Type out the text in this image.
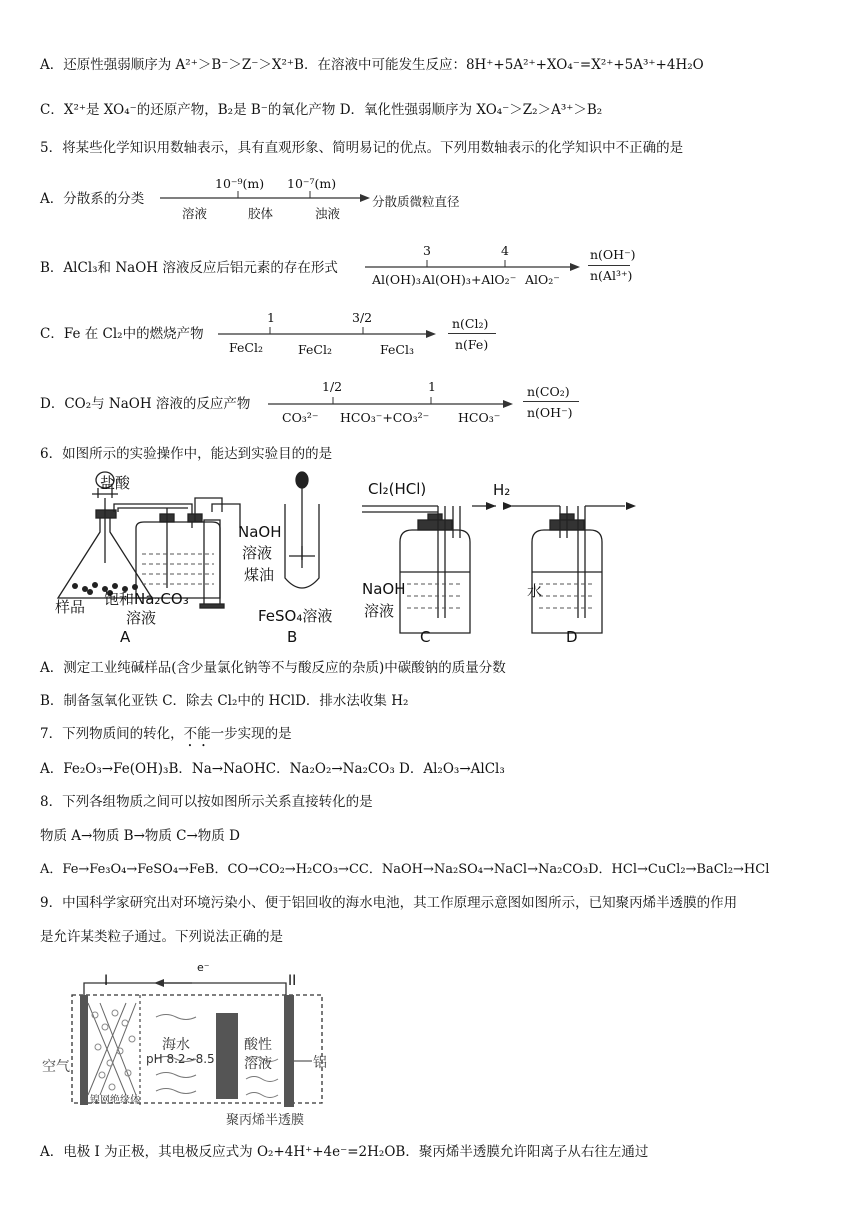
A．还原性强弱顺序为 A²⁺＞B⁻＞Z⁻＞X²⁺B．在溶液中可能发生反应：8H⁺+5A²⁺+XO₄⁻=X²⁺+5A³⁺+4H₂O
C．X²⁺是 XO₄⁻的还原产物，B₂是 B⁻的氧化产物 D．氧化性强弱顺序为 XO₄⁻＞Z₂＞A³⁺＞B₂
5．将某些化学知识用数轴表示，具有直观形象、简明易记的优点。下列用数轴表示的化学知识中不正确的是
A．分散系的分类
10⁻⁹(m) 10⁻⁷(m)
溶液	胶体	浊液
分散质微粒直径
B．AlCl₃和 NaOH 溶液反应后铝元素的存在形式
3	4
Al(OH)₃ Al(OH)₃+AlO₂⁻ AlO₂⁻
n(OH⁻)
n(Al³⁺)
C．Fe 在 Cl₂中的燃烧产物
1	3/2
FeCl₂	FeCl₂	FeCl₃
n(Cl₂)
n(Fe)
D．CO₂与 NaOH 溶液的反应产物
1/2	1
CO₃²⁻ HCO₃⁻+CO₃²⁻ HCO₃⁻
n(CO₂)
n(OH⁻)
6．如图所示的实验操作中，能达到实验目的的是
盐酸
样品 饱和Na₂CO₃
溶液
NaOH
溶液
煤油
FeSO₄溶液
Cl₂(HCl)
NaOH
溶液
H₂
水
A	B	C	D
A．测定工业纯碱样品(含少量氯化钠等不与酸反应的杂质)中碳酸钠的质量分数
B．制备氢氧化亚铁 C．除去 Cl₂中的 HClD．排水法收集 H₂
7．下列物质间的转化，不能一步实现的是
A．Fe₂O₃→Fe(OH)₃B．Na→NaOHC．Na₂O₂→Na₂CO₃ D．Al₂O₃→AlCl₃
8．下列各组物质之间可以按如图所示关系直接转化的是
物质 A→物质 B→物质 C→物质 D
A．Fe→Fe₃O₄→FeSO₄→FeB．CO→CO₂→H₂CO₃→CC．NaOH→Na₂SO₄→NaCl→Na₂CO₃D．HCl→CuCl₂→BaCl₂→HCl
9．中国科学家研究出对环境污染小、便于铝回收的海水电池，其工作原理示意图如图所示，已知聚丙烯半透膜的作用
是允许某类粒子通过。下列说法正确的是
e⁻
I	II
空气
海水
pH 8.2~8.5
酸性
溶液	铝
镍网绝缘体
聚丙烯半透膜
A．电极 I 为正极，其电极反应式为 O₂+4H⁺+4e⁻=2H₂OB．聚丙烯半透膜允许阳离子从右往左通过
